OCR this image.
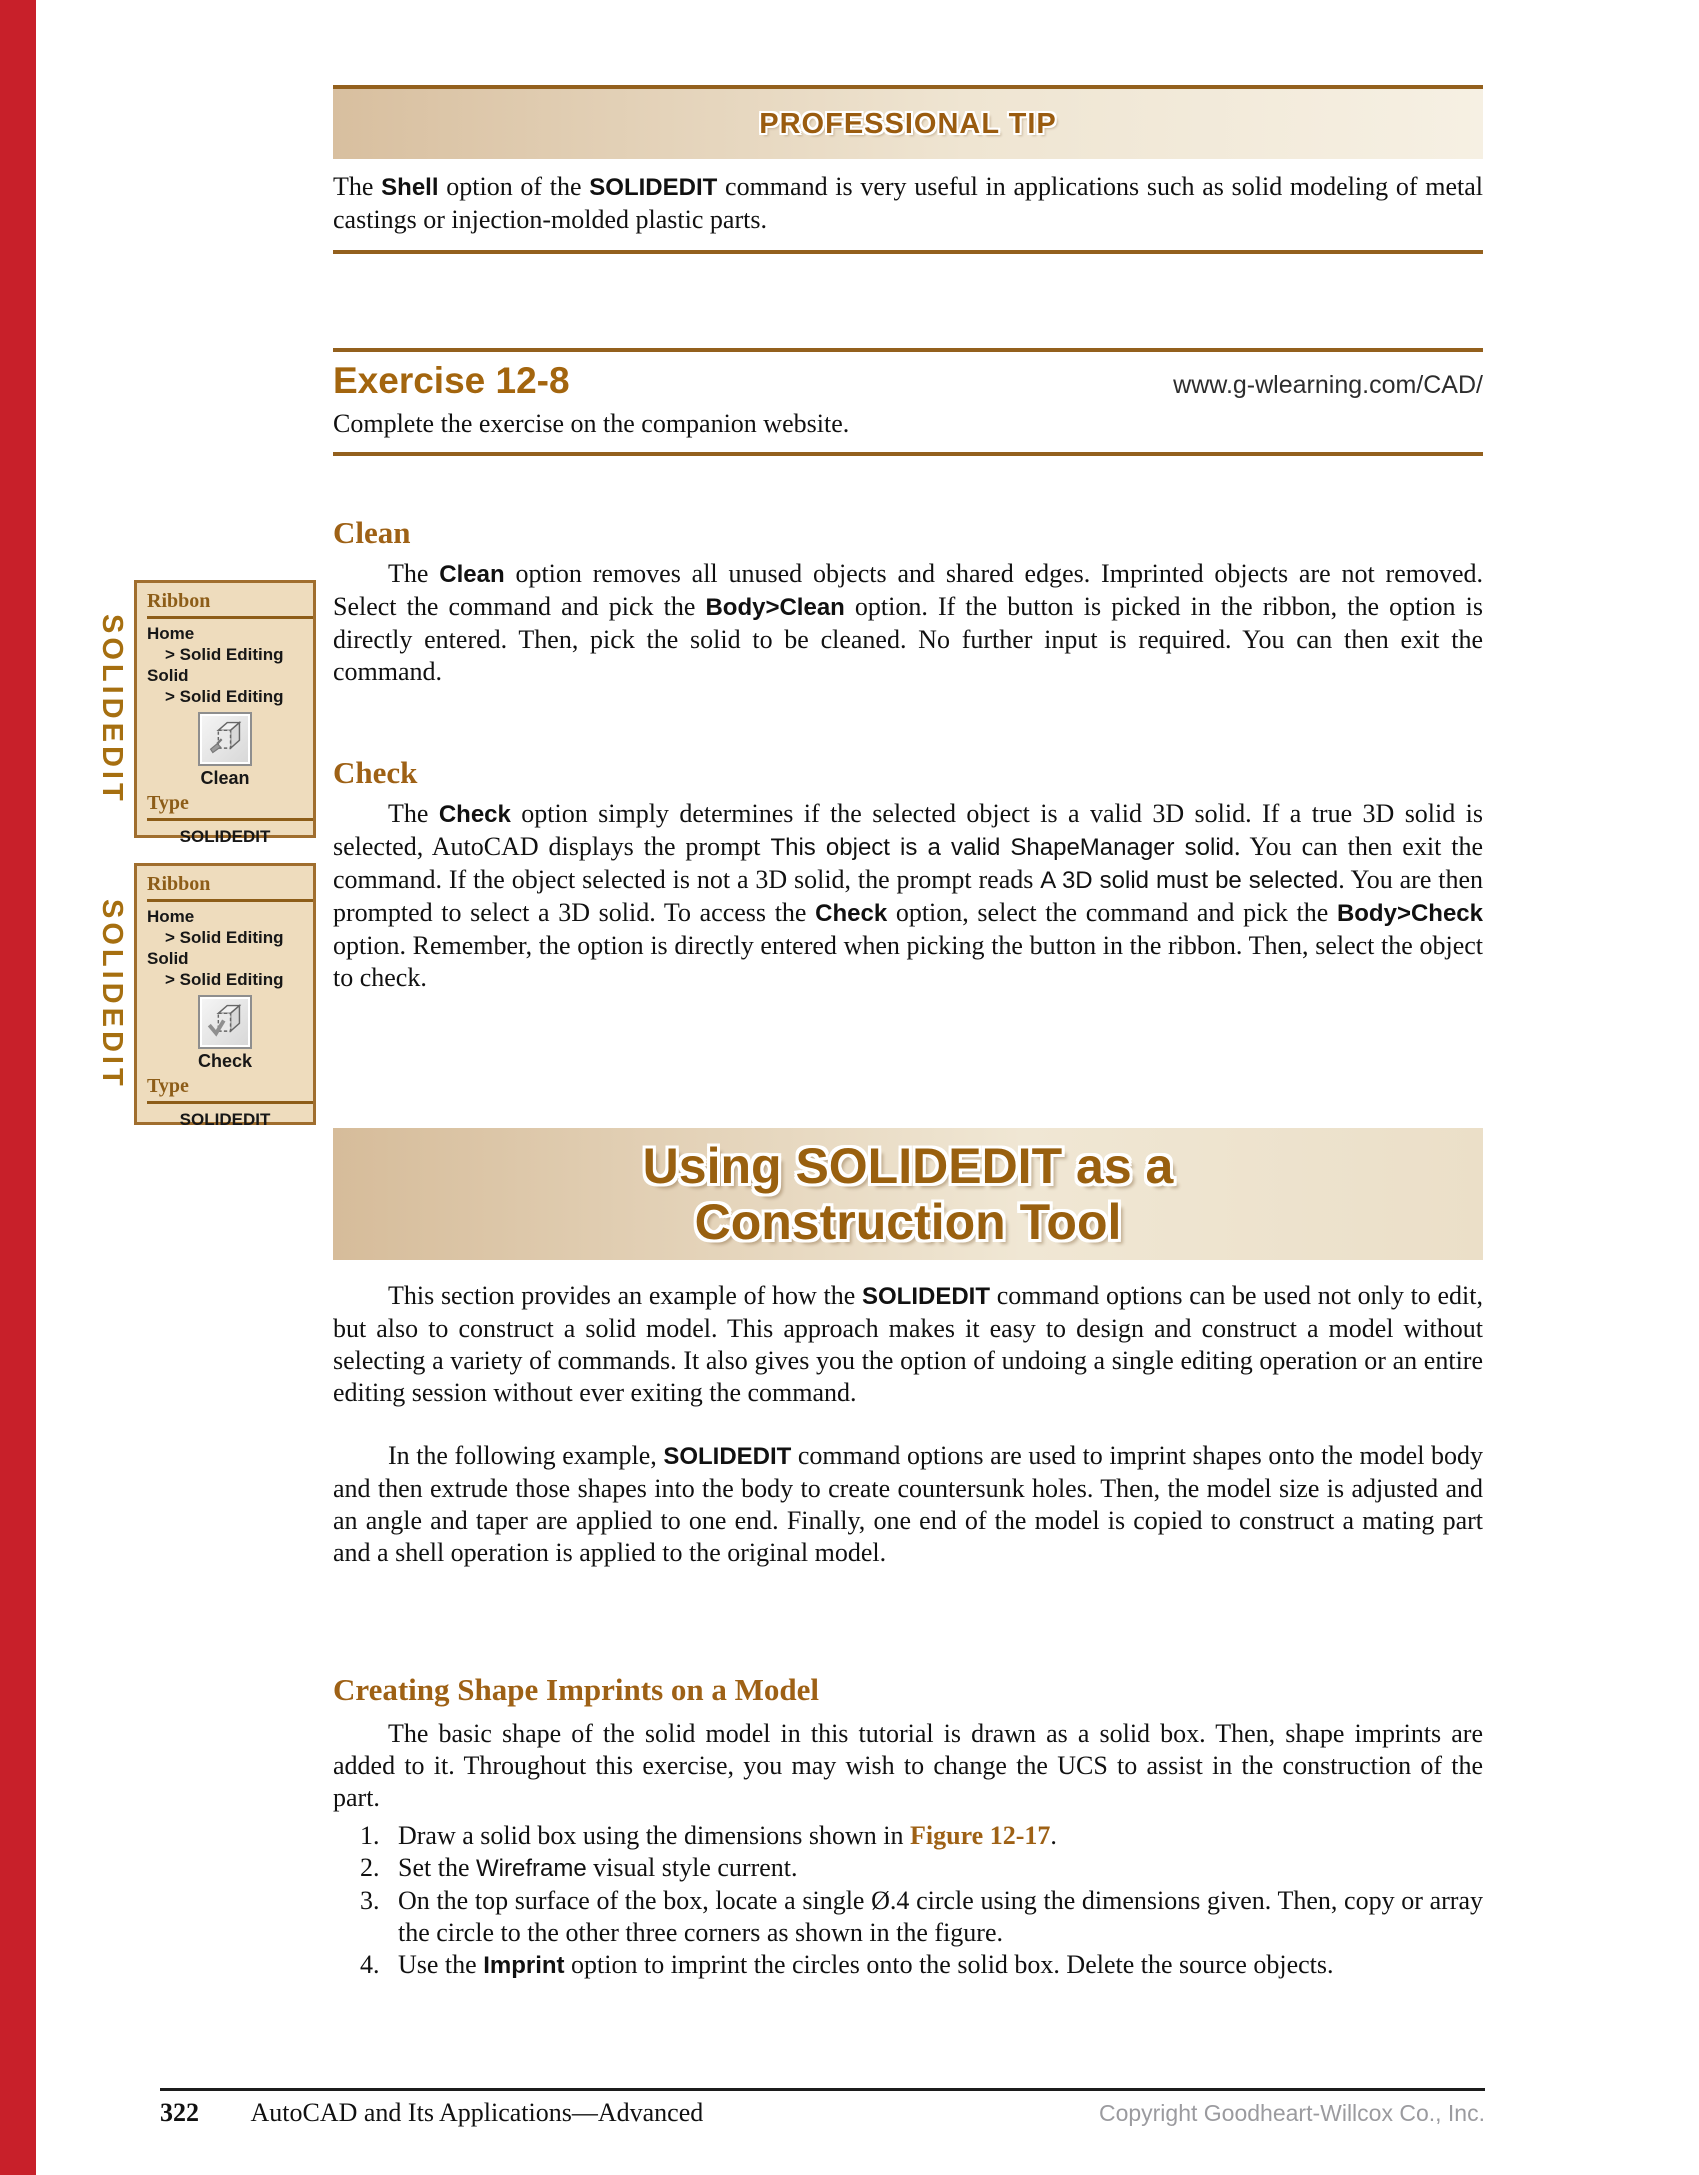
PROFESSIONAL TIP
The Shell option of the SOLIDEDIT command is very useful in applications such as solid modeling of metal castings or injection-molded plastic parts.
Exercise 12-8	www.g-wlearning.com/CAD/
Complete the exercise on the companion website.
Clean
The Clean option removes all unused objects and shared edges. Imprinted objects are not removed. Select the command and pick the Body>Clean option. If the button is picked in the ribbon, the option is directly entered. Then, pick the solid to be cleaned. No further input is required. You can then exit the command.
SOLIDEDIT
Ribbon
Home
> Solid Editing
Solid
> Solid Editing
Clean
Type
SOLIDEDIT
Check
The Check option simply determines if the selected object is a valid 3D solid. If a true 3D solid is selected, AutoCAD displays the prompt This object is a valid ShapeManager solid. You can then exit the command. If the object selected is not a 3D solid, the prompt reads A 3D solid must be selected. You are then prompted to select a 3D solid. To access the Check option, select the command and pick the Body>Check option. Remember, the option is directly entered when picking the button in the ribbon. Then, select the object to check.
SOLIDEDIT
Ribbon
Home
> Solid Editing
Solid
> Solid Editing
Check
Type
SOLIDEDIT
Using SOLIDEDIT as a
Construction Tool
This section provides an example of how the SOLIDEDIT command options can be used not only to edit, but also to construct a solid model. This approach makes it easy to design and construct a model without selecting a variety of commands. It also gives you the option of undoing a single editing operation or an entire editing session without ever exiting the command.
In the following example, SOLIDEDIT command options are used to imprint shapes onto the model body and then extrude those shapes into the body to create countersunk holes. Then, the model size is adjusted and an angle and taper are applied to one end. Finally, one end of the model is copied to construct a mating part and a shell operation is applied to the original model.
Creating Shape Imprints on a Model
The basic shape of the solid model in this tutorial is drawn as a solid box. Then, shape imprints are added to it. Throughout this exercise, you may wish to change the UCS to assist in the construction of the part.
1. Draw a solid box using the dimensions shown in Figure 12-17.
2. Set the Wireframe visual style current.
3. On the top surface of the box, locate a single Ø.4 circle using the dimensions given. Then, copy or array the circle to the other three corners as shown in the figure.
4. Use the Imprint option to imprint the circles onto the solid box. Delete the source objects.
322 AutoCAD and Its Applications—Advanced	Copyright Goodheart-Willcox Co., Inc.
